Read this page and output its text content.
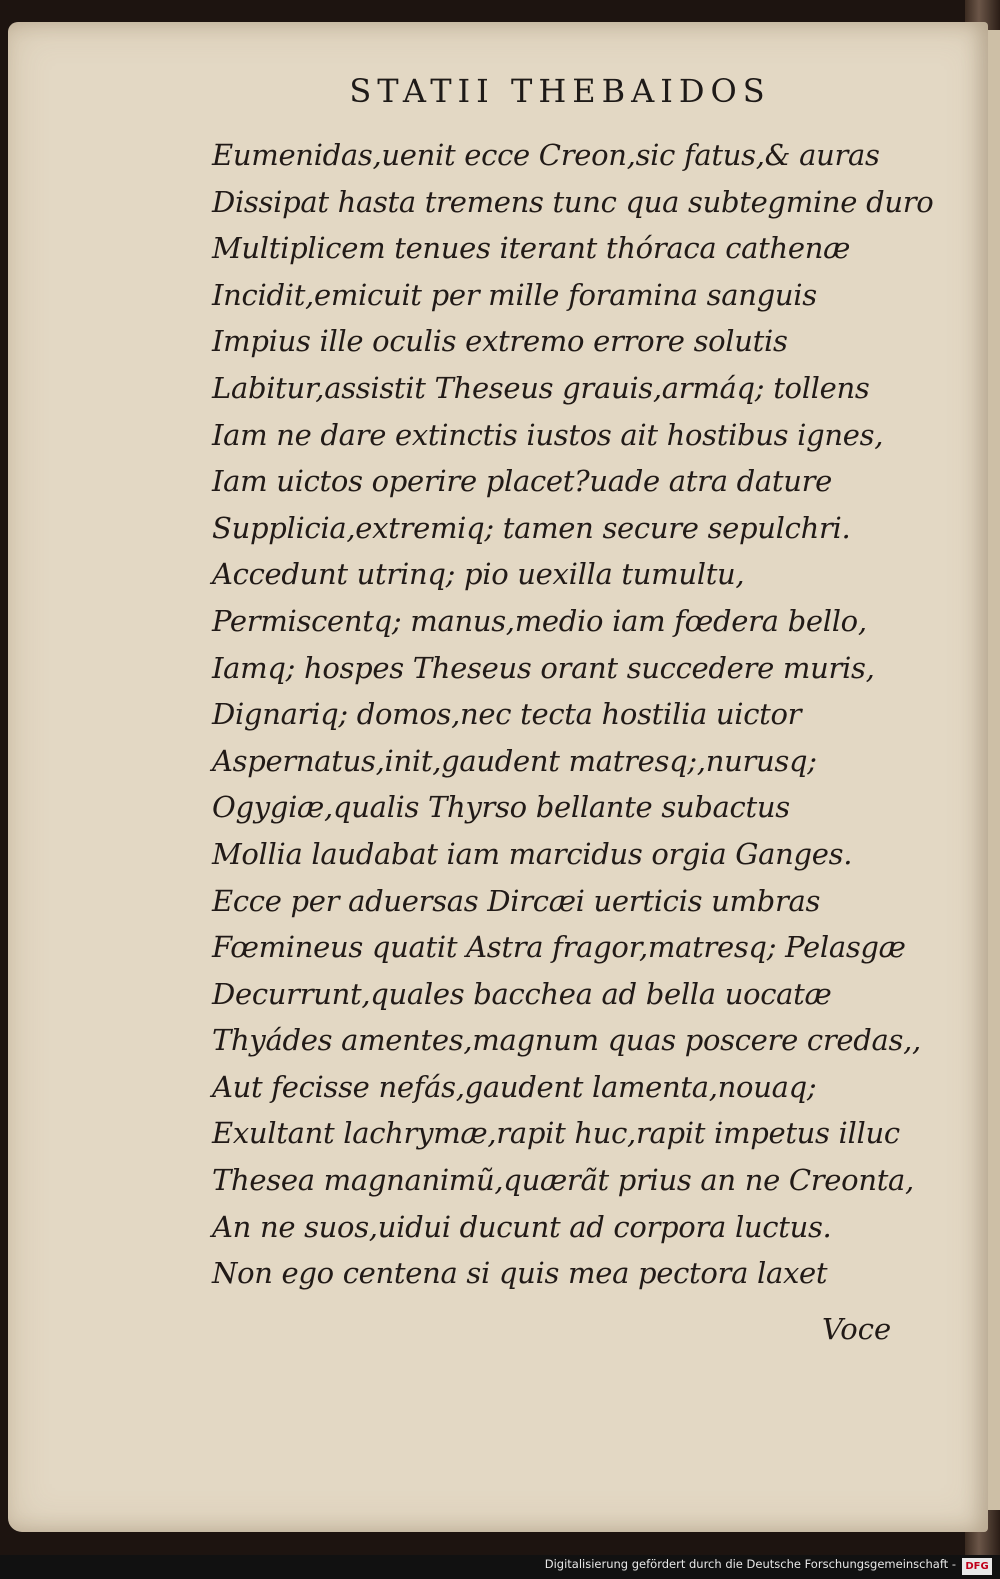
STATII THEBAIDOS
Eumenidas,uenit ecce Creon,sic fatus,& auras
Dissipat hasta tremens tunc qua subtegmine duro
Multiplicem tenues iterant thóraca cathenæ
Incidit,emicuit per mille foramina sanguis
Impius ille oculis extremo errore solutis
Labitur,assistit Theseus grauis,armáq; tollens
Iam ne dare extinctis iustos ait hostibus ignes,
Iam uictos operire placet?uade atra dature
Supplicia,extremiq; tamen secure sepulchri.
Accedunt utrinq; pio uexilla tumultu,
Permiscentq; manus,medio iam fœdera bello,
Iamq; hospes Theseus orant succedere muris,
Dignariq; domos,nec tecta hostilia uictor
Aspernatus,init,gaudent matresq;,nurusq;
Ogygiæ,qualis Thyrso bellante subactus
Mollia laudabat iam marcidus orgia Ganges.
Ecce per aduersas Dircæi uerticis umbras
Fœmineus quatit Astra fragor,matresq; Pelasgæ
Decurrunt,quales bacchea ad bella uocatæ
Thyádes amentes,magnum quas poscere credas,,
Aut fecisse nefás,gaudent lamenta,nouaq;
Exultant lachrymæ,rapit huc,rapit impetus illuc
Thesea magnanimũ,quærãt prius an ne Creonta,
An ne suos,uidui ducunt ad corpora luctus.
Non ego centena si quis mea pectora laxet
Voce
Digitalisierung gefördert durch die Deutsche Forschungsgemeinschaft - DFG
